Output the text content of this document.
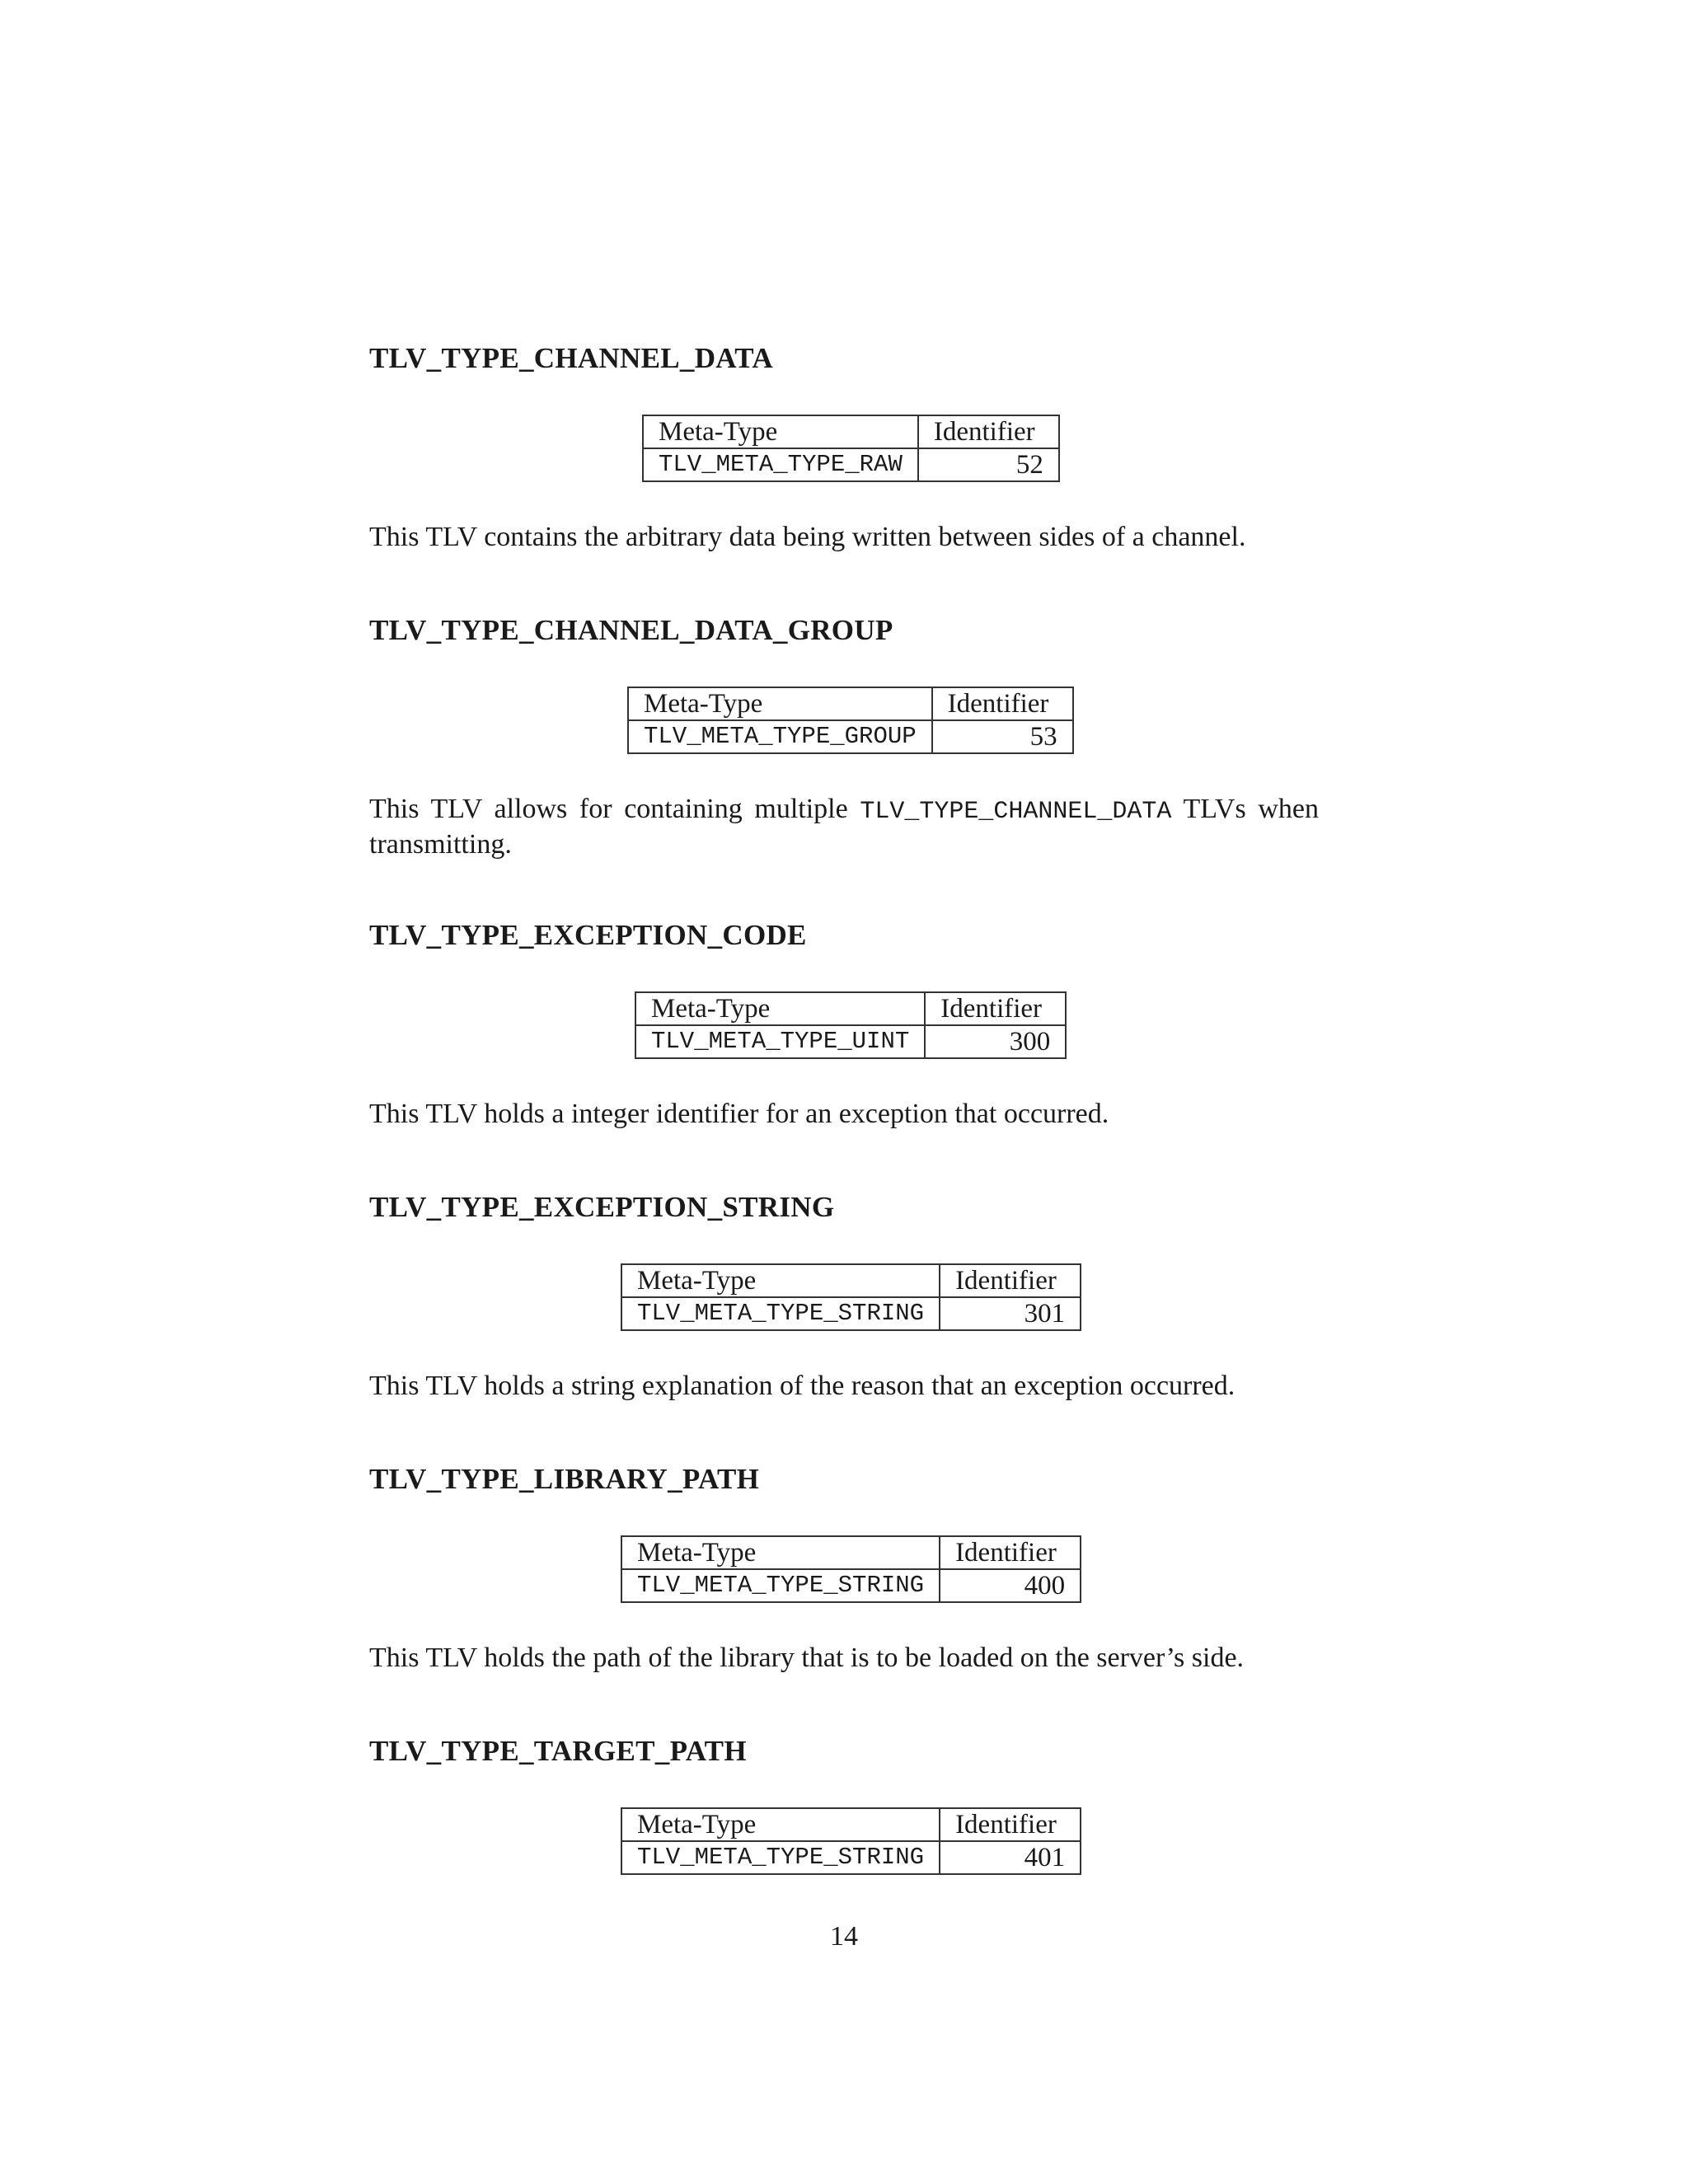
TLV_TYPE_CHANNEL_DATA
Meta-Type	Identifier
TLV_META_TYPE_RAW	52

This TLV contains the arbitrary data being written between sides of a channel.

TLV_TYPE_CHANNEL_DATA_GROUP
Meta-Type	Identifier
TLV_META_TYPE_GROUP	53

This TLV allows for containing multiple TLV_TYPE_CHANNEL_DATA TLVs when transmitting.

TLV_TYPE_EXCEPTION_CODE
Meta-Type	Identifier
TLV_META_TYPE_UINT	300

This TLV holds a integer identifier for an exception that occurred.

TLV_TYPE_EXCEPTION_STRING
Meta-Type	Identifier
TLV_META_TYPE_STRING	301

This TLV holds a string explanation of the reason that an exception occurred.

TLV_TYPE_LIBRARY_PATH
Meta-Type	Identifier
TLV_META_TYPE_STRING	400

This TLV holds the path of the library that is to be loaded on the server’s side.

TLV_TYPE_TARGET_PATH
Meta-Type	Identifier
TLV_META_TYPE_STRING	401
14
